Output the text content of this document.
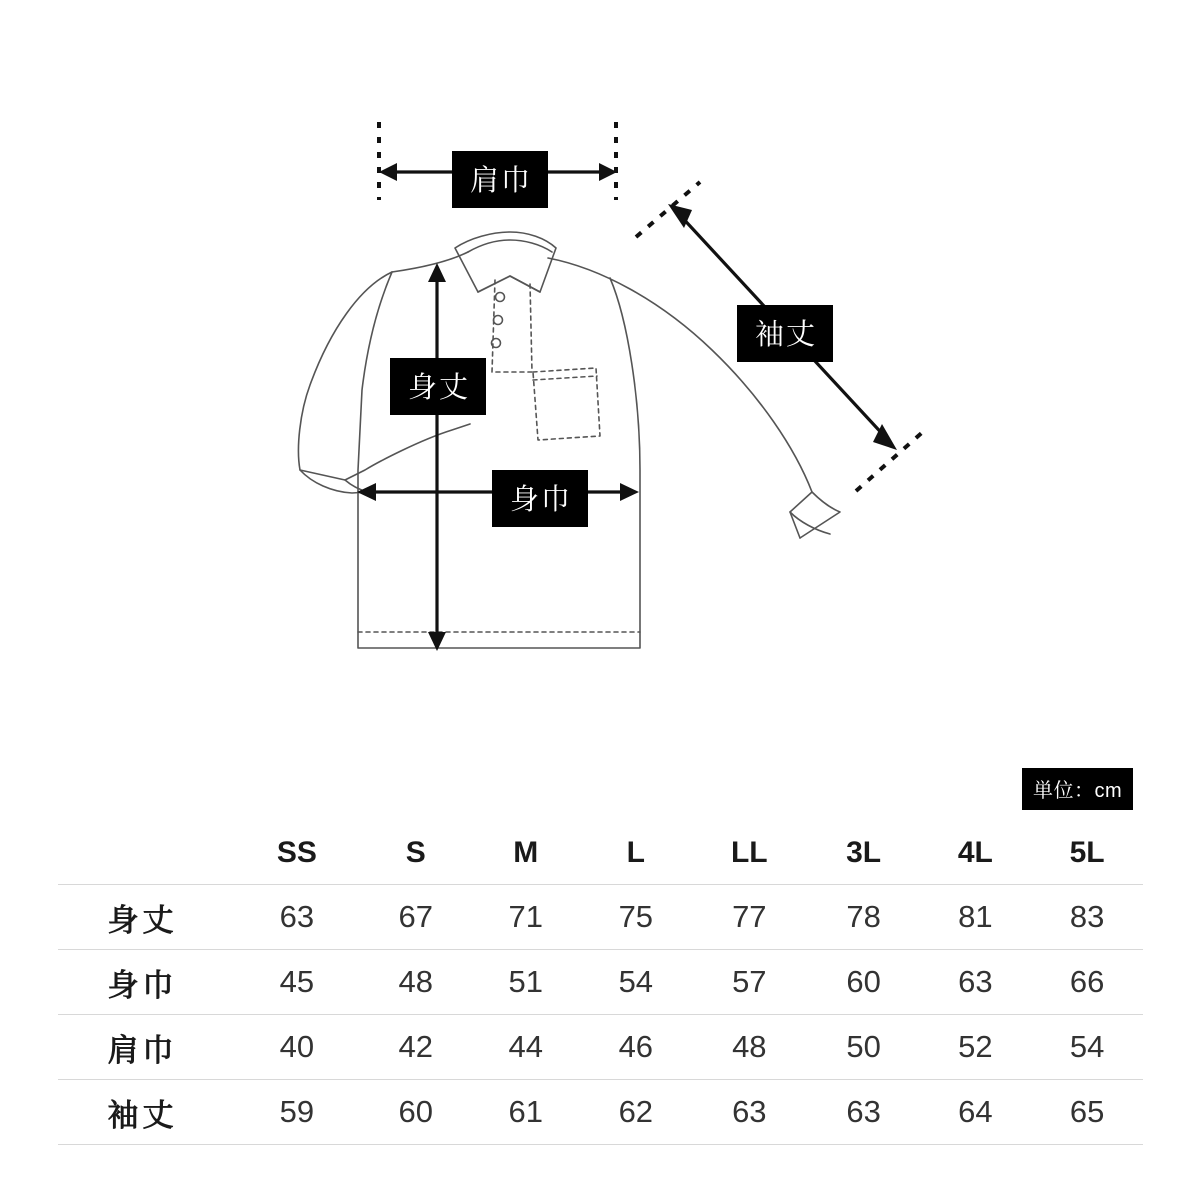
肩巾
袖丈
身丈
身巾
単位：cm
	SS	S	M	L	LL	3L	4L	5L
身丈	63	67	71	75	77	78	81	83
身巾	45	48	51	54	57	60	63	66
肩巾	40	42	44	46	48	50	52	54
袖丈	59	60	61	62	63	63	64	65
